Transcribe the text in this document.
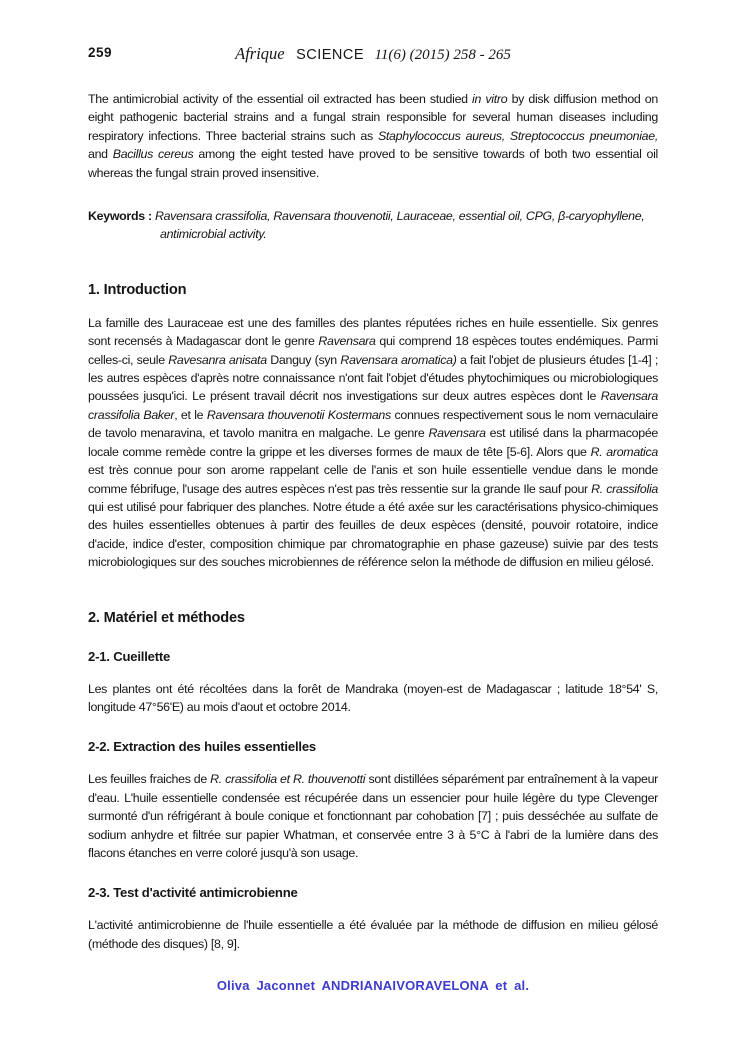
259	Afrique SCIENCE 11(6) (2015) 258 - 265

The antimicrobial activity of the essential oil extracted has been studied in vitro by disk diffusion method on eight pathogenic bacterial strains and a fungal strain responsible for several human diseases including respiratory infections. Three bacterial strains such as Staphylococcus aureus, Streptococcus pneumoniae, and Bacillus cereus among the eight tested have proved to be sensitive towards of both two essential oil whereas the fungal strain proved insensitive.

Keywords : Ravensara crassifolia, Ravensara thouvenotii, Lauraceae, essential oil, CPG, β-caryophyllene, antimicrobial activity.

1. Introduction

La famille des Lauraceae est une des familles des plantes réputées riches en huile essentielle. Six genres sont recensés à Madagascar dont le genre Ravensara qui comprend 18 espèces toutes endémiques. Parmi celles-ci, seule Ravesanra anisata Danguy (syn Ravensara aromatica) a fait l'objet de plusieurs études [1-4] ; les autres espèces d'après notre connaissance n'ont fait l'objet d'études phytochimiques ou microbiologiques poussées jusqu'ici. Le présent travail décrit nos investigations sur deux autres espèces dont le Ravensara crassifolia Baker, et le Ravensara thouvenotii Kostermans connues respectivement sous le nom vernaculaire de tavolo menaravina, et tavolo manitra en malgache. Le genre Ravensara est utilisé dans la pharmacopée locale comme remède contre la grippe et les diverses formes de maux de tête [5-6]. Alors que R. aromatica est très connue pour son arome rappelant celle de l'anis et son huile essentielle vendue dans le monde comme fébrifuge, l'usage des autres espèces n'est pas très ressentie sur la grande Ile sauf pour R. crassifolia qui est utilisé pour fabriquer des planches. Notre étude a été axée sur les caractérisations physico-chimiques des huiles essentielles obtenues à partir des feuilles de deux espèces (densité, pouvoir rotatoire, indice d'acide, indice d'ester, composition chimique par chromatographie en phase gazeuse) suivie par des tests microbiologiques sur des souches microbiennes de référence selon la méthode de diffusion en milieu gélosé.

2. Matériel et méthodes
2-1. Cueillette

Les plantes ont été récoltées dans la forêt de Mandraka (moyen-est de Madagascar ; latitude 18°54' S, longitude 47°56'E) au mois d'aout et octobre 2014.

2-2. Extraction des huiles essentielles

Les feuilles fraiches de R. crassifolia et R. thouvenotti sont distillées séparément par entraînement à la vapeur d'eau. L'huile essentielle condensée est récupérée dans un essencier pour huile légère du type Clevenger surmonté d'un réfrigérant à boule conique et fonctionnant par cohobation [7] ; puis desséchée au sulfate de sodium anhydre et filtrée sur papier Whatman, et conservée entre 3 à 5°C à l'abri de la lumière dans des flacons étanches en verre coloré jusqu'à son usage.

2-3. Test d'activité antimicrobienne

L'activité antimicrobienne de l'huile essentielle a été évaluée par la méthode de diffusion en milieu gélosé (méthode des disques) [8, 9].

Oliva Jaconnet ANDRIANAIVORAVELONA et al.
